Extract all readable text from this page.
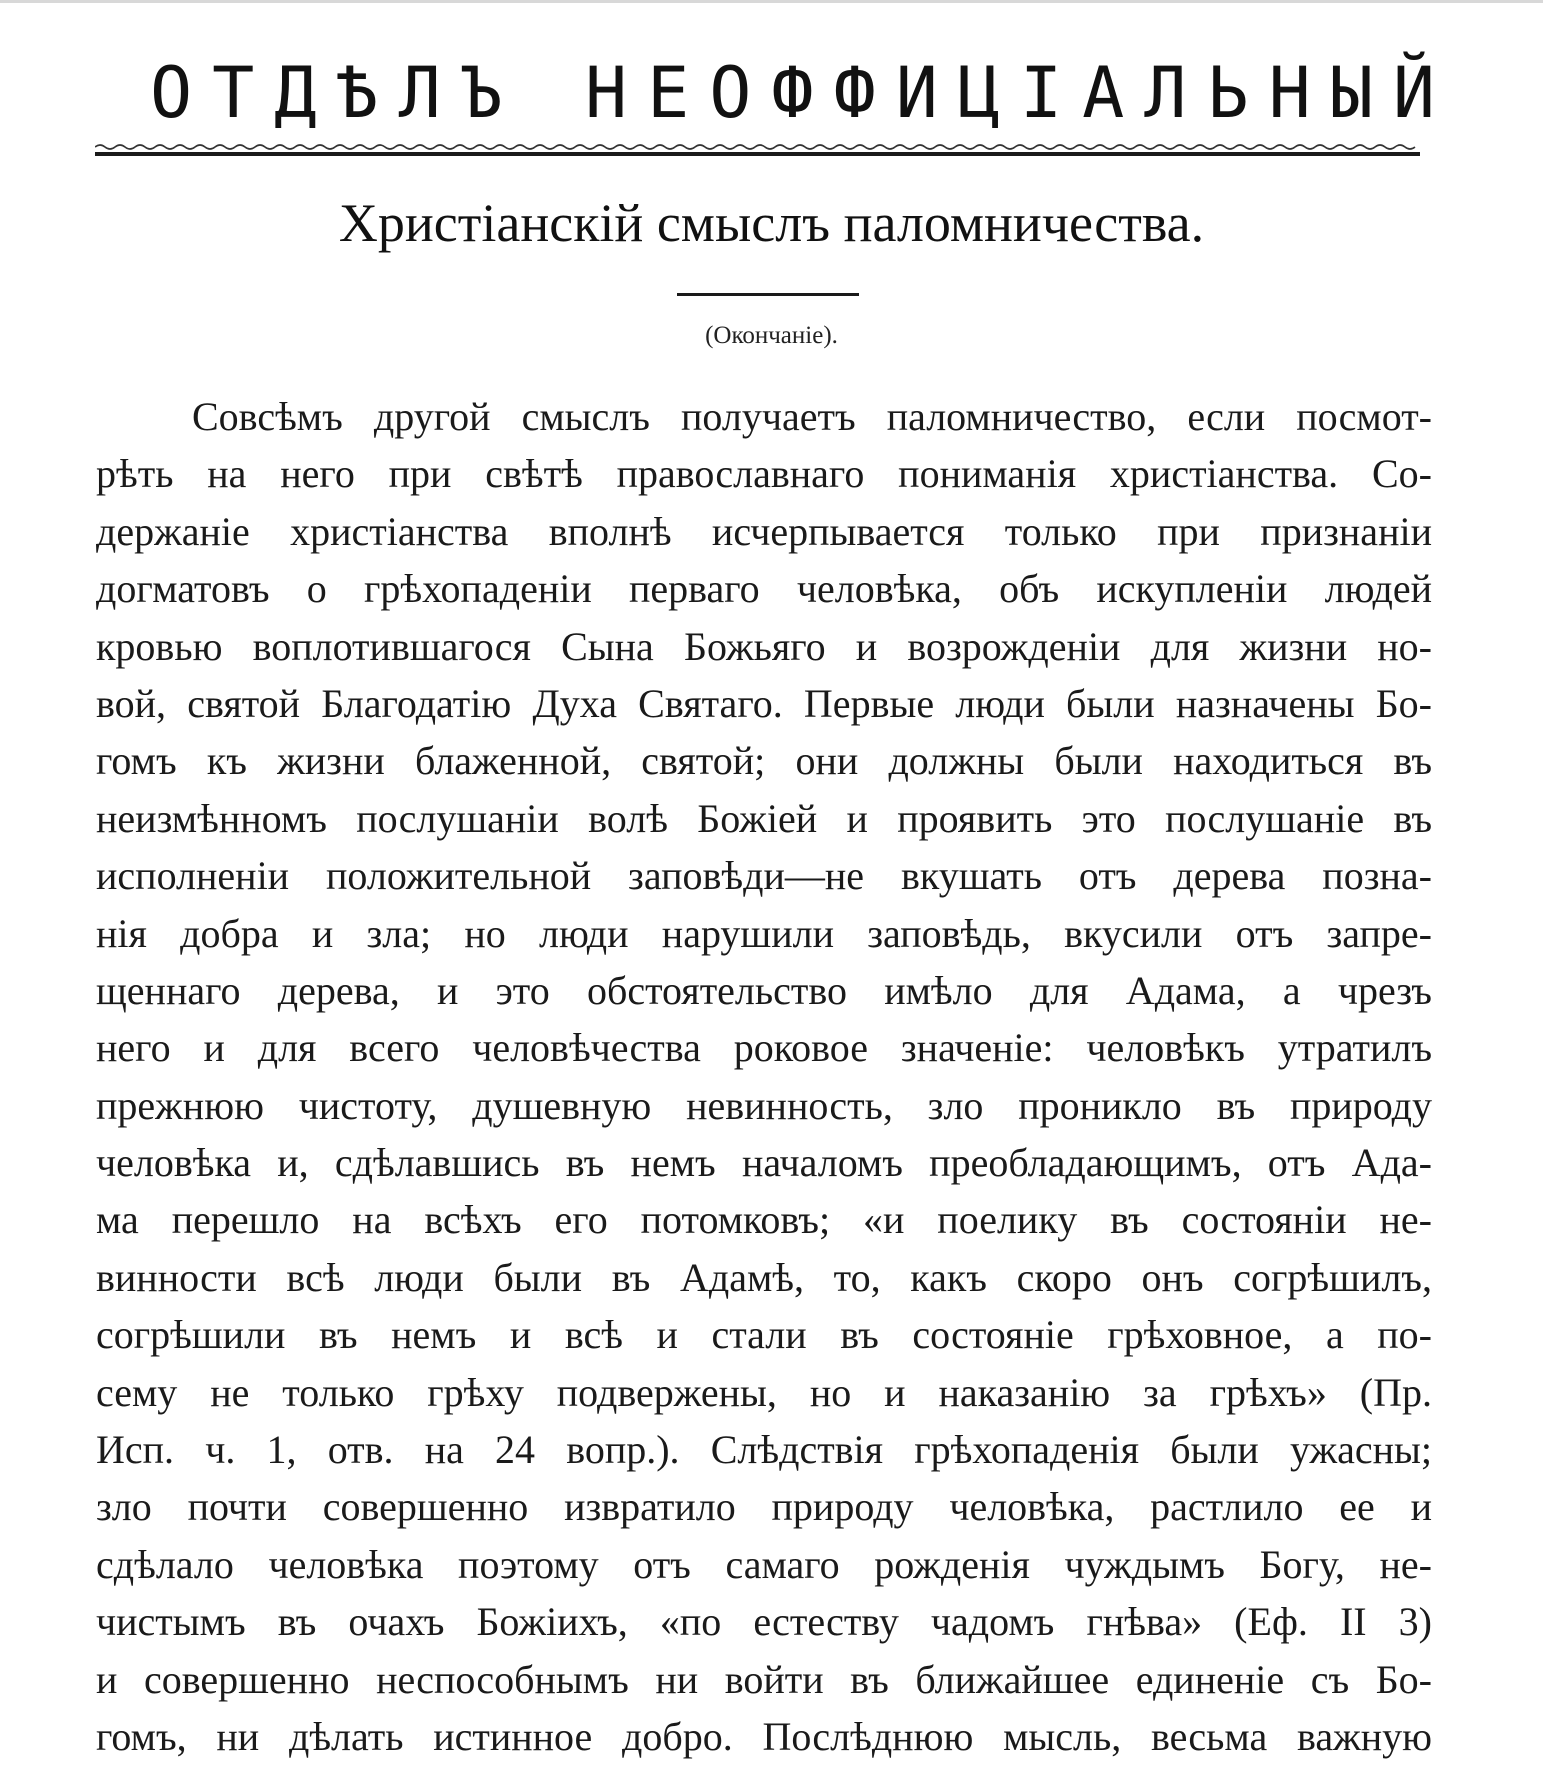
ОТДѢЛЪ НЕОФФИЦІАЛЬНЫЙ
Христіанскій смыслъ паломничества.
(Окончаніе).
Совсѣмъ другой смыслъ получаетъ паломничество, если посмот-
рѣть на него при свѣтѣ православнаго пониманія христіанства. Со-
держаніе христіанства вполнѣ исчерпывается только при признаніи
догматовъ о грѣхопаденіи перваго человѣка, объ искупленіи людей
кровью воплотившагося Сына Божьяго и возрожденіи для жизни но-
вой, святой Благодатію Духа Святаго. Первые люди были назначены Бо-
гомъ къ жизни блаженной, святой; они должны были находиться въ
неизмѣнномъ послушаніи волѣ Божіей и проявить это послушаніе въ
исполненіи положительной заповѣди—не вкушать отъ дерева позна-
нія добра и зла; но люди нарушили заповѣдь, вкусили отъ запре-
щеннаго дерева, и это обстоятельство имѣло для Адама, а чрезъ
него и для всего человѣчества роковое значеніе: человѣкъ утратилъ
прежнюю чистоту, душевную невинность, зло проникло въ природу
человѣка и, сдѣлавшись въ немъ началомъ преобладающимъ, отъ Ада-
ма перешло на всѣхъ его потомковъ; «и поелику въ состояніи не-
винности всѣ люди были въ Адамѣ, то, какъ скоро онъ согрѣшилъ,
согрѣшили въ немъ и всѣ и стали въ состояніе грѣховное, а по-
сему не только грѣху подвержены, но и наказанію за грѣхъ» (Пр.
Исп. ч. 1, отв. на 24 вопр.). Слѣдствія грѣхопаденія были ужасны;
зло почти совершенно извратило природу человѣка, растлило ее и
сдѣлало человѣка поэтому отъ самаго рожденія чуждымъ Богу, не-
чистымъ въ очахъ Божіихъ, «по естеству чадомъ гнѣва» (Еф. II 3)
и совершенно неспособнымъ ни войти въ ближайшее единеніе съ Бо-
гомъ, ни дѣлать истинное добро. Послѣднюю мысль, весьма важную
